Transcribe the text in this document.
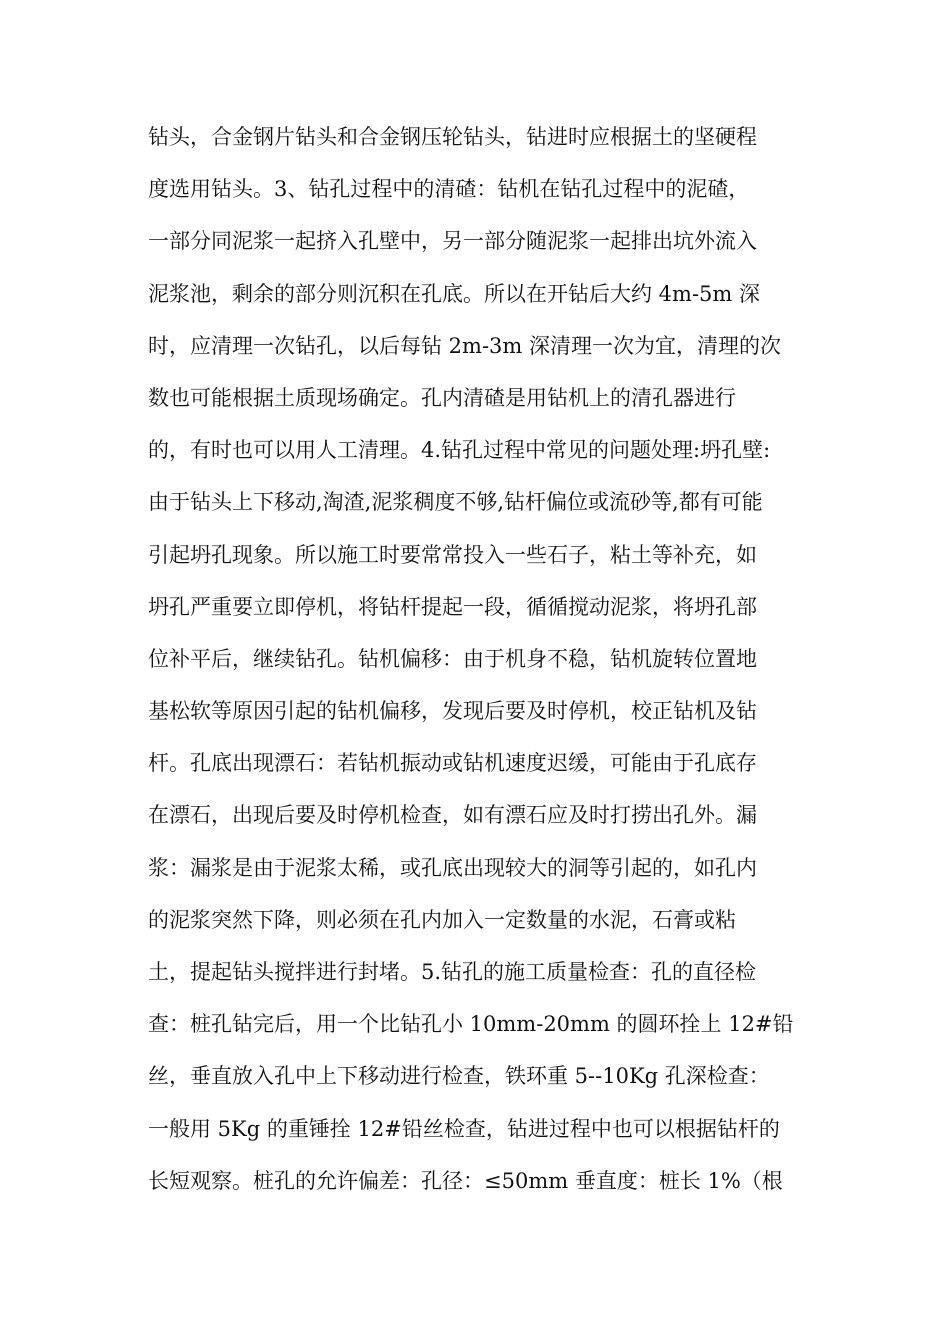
钻头，合金钢片钻头和合金钢压轮钻头，钻进时应根据土的坚硬程
度选用钻头。3、钻孔过程中的清碴：钻机在钻孔过程中的泥碴，
一部分同泥浆一起挤入孔壁中，另一部分随泥浆一起排出坑外流入
泥浆池，剩余的部分则沉积在孔底。所以在开钻后大约 4m-5m 深
时，应清理一次钻孔，以后每钻 2m-3m 深清理一次为宜，清理的次
数也可能根据土质现场确定。孔内清碴是用钻机上的清孔器进行
的，有时也可以用人工清理。4.钻孔过程中常见的问题处理:坍孔壁:
由于钻头上下移动,淘渣,泥浆稠度不够,钻杆偏位或流砂等,都有可能
引起坍孔现象。所以施工时要常常投入一些石子，粘土等补充，如
坍孔严重要立即停机，将钻杆提起一段，循循搅动泥浆，将坍孔部
位补平后，继续钻孔。钻机偏移：由于机身不稳，钻机旋转位置地
基松软等原因引起的钻机偏移，发现后要及时停机，校正钻机及钻
杆。孔底出现漂石：若钻机振动或钻机速度迟缓，可能由于孔底存
在漂石，出现后要及时停机检查，如有漂石应及时打捞出孔外。漏
浆：漏浆是由于泥浆太稀，或孔底出现较大的洞等引起的，如孔内
的泥浆突然下降，则必须在孔内加入一定数量的水泥，石膏或粘
土，提起钻头搅拌进行封堵。5.钻孔的施工质量检查：孔的直径检
查：桩孔钻完后，用一个比钻孔小 10mm-20mm 的圆环拴上 12#铅
丝，垂直放入孔中上下移动进行检查，铁环重 5--10Kg 孔深检查：
一般用 5Kg 的重锤拴 12#铅丝检查，钻进过程中也可以根据钻杆的
长短观察。桩孔的允许偏差：孔径：≤50mm 垂直度：桩长 1%（根
